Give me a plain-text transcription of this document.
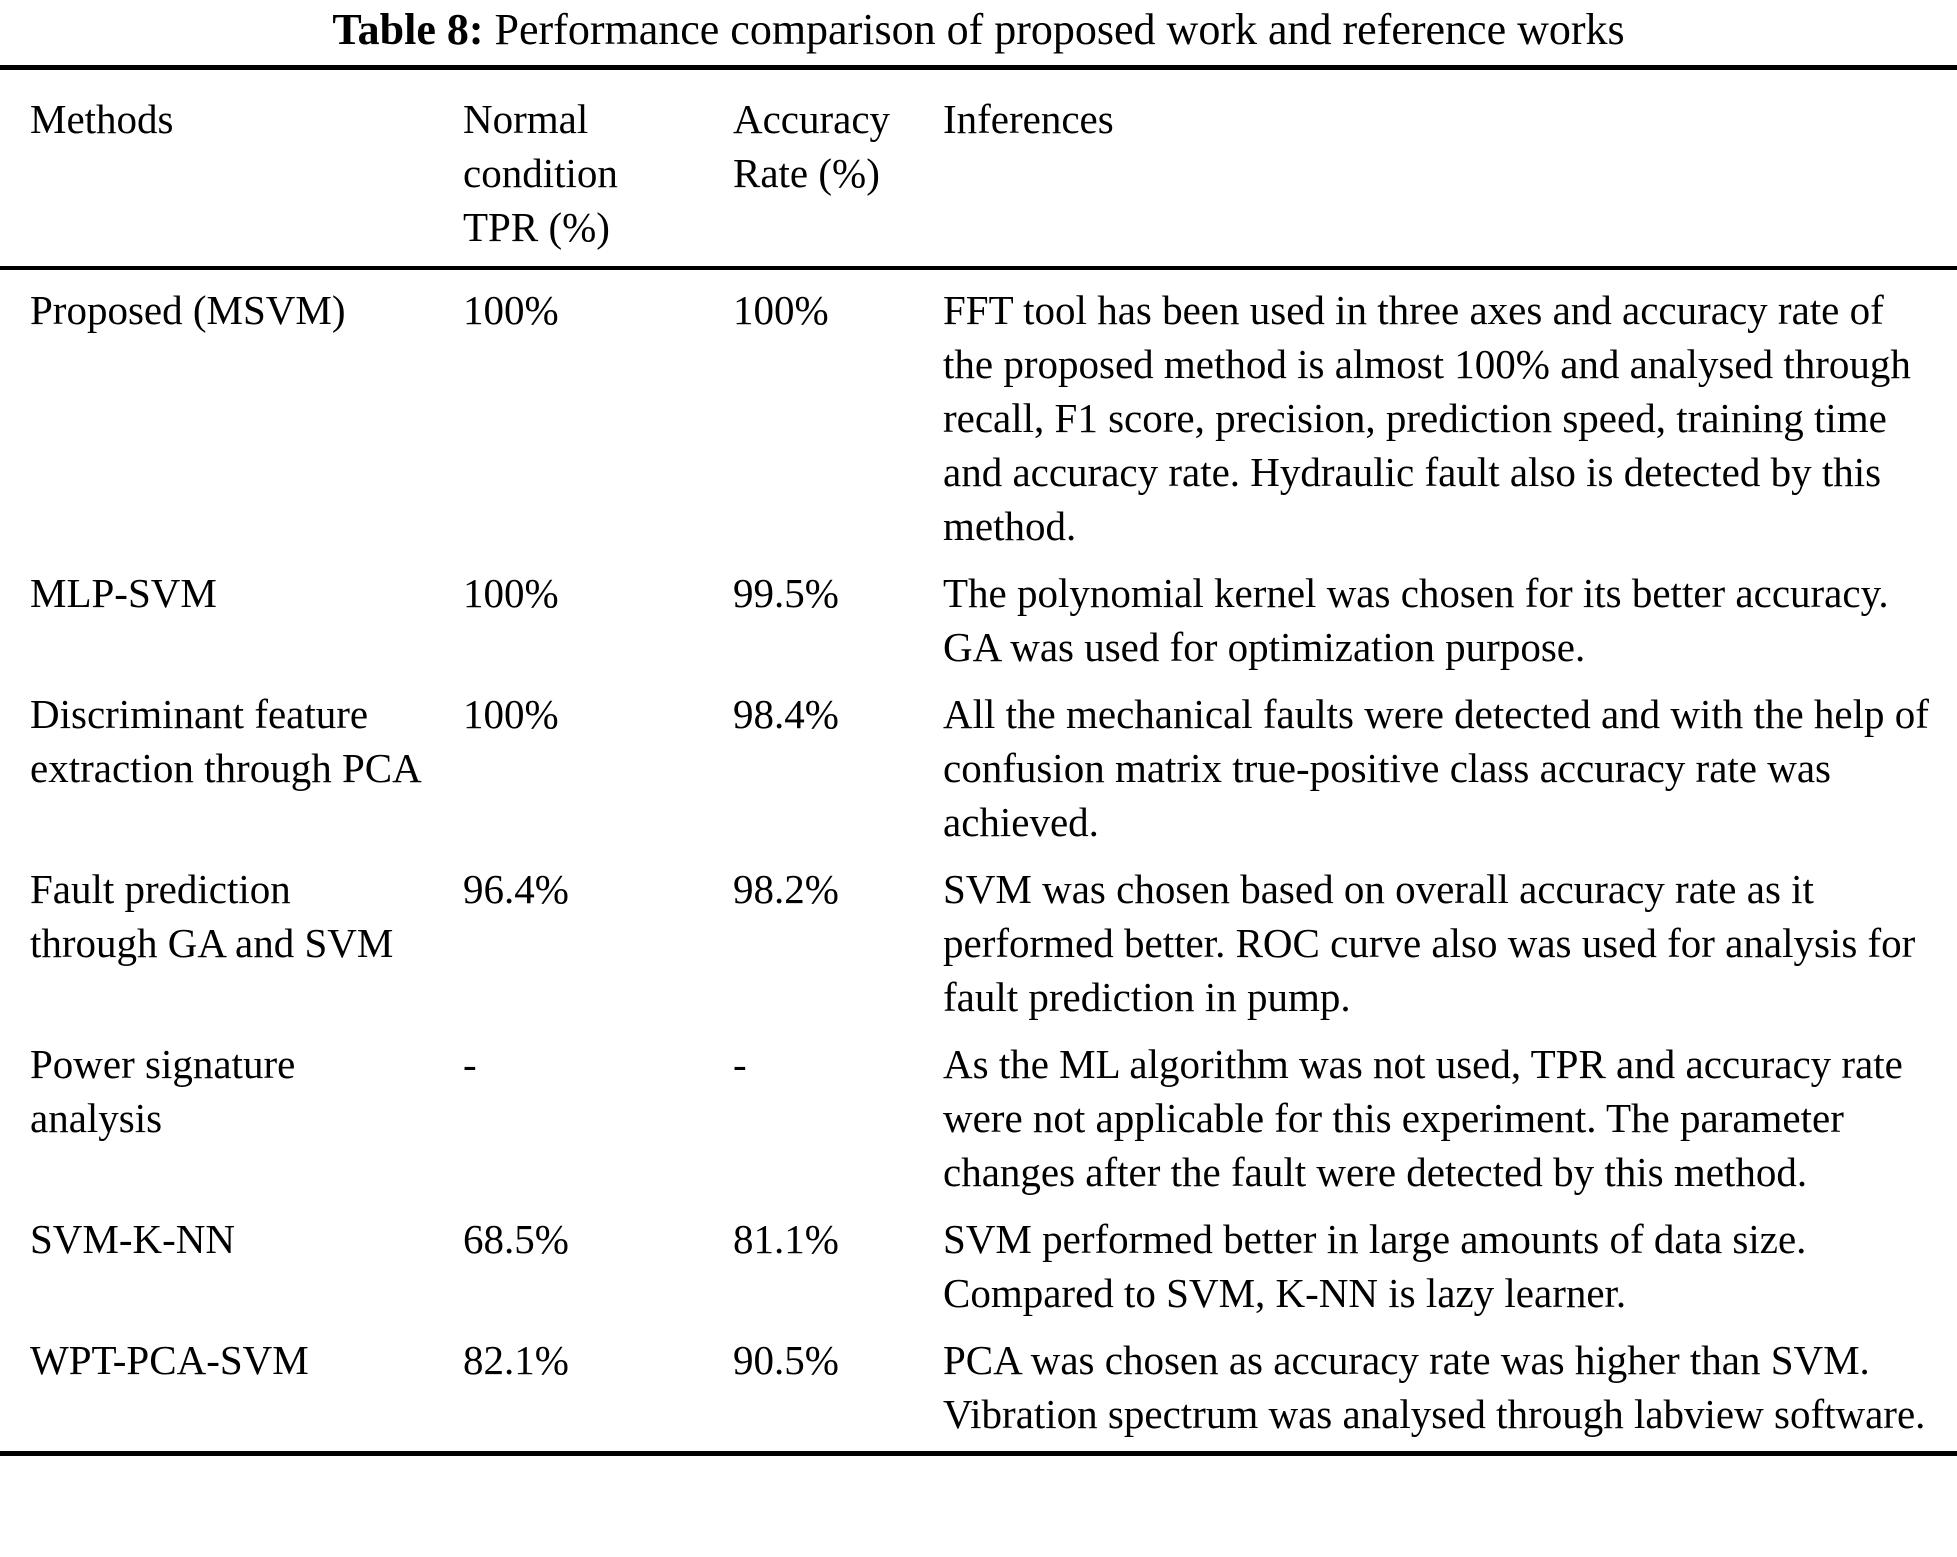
Table 8: Performance comparison of proposed work and reference works
Methods	Normal condition TPR (%)	Accuracy Rate (%)	Inferences
Proposed (MSVM)	100%	100%	FFT tool has been used in three axes and accuracy rate of the proposed method is almost 100% and analysed through recall, F1 score, precision, prediction speed, training time and accuracy rate. Hydraulic fault also is detected by this method.
MLP-SVM	100%	99.5%	The polynomial kernel was chosen for its better accuracy. GA was used for optimization purpose.
Discriminant feature extraction through PCA	100%	98.4%	All the mechanical faults were detected and with the help of confusion matrix true-positive class accuracy rate was achieved.
Fault prediction through GA and SVM	96.4%	98.2%	SVM was chosen based on overall accuracy rate as it performed better. ROC curve also was used for analysis for fault prediction in pump.
Power signature analysis	-	-	As the ML algorithm was not used, TPR and accuracy rate were not applicable for this experiment. The parameter changes after the fault were detected by this method.
SVM-K-NN	68.5%	81.1%	SVM performed better in large amounts of data size. Compared to SVM, K-NN is lazy learner.
WPT-PCA-SVM	82.1%	90.5%	PCA was chosen as accuracy rate was higher than SVM. Vibration spectrum was analysed through labview software.
